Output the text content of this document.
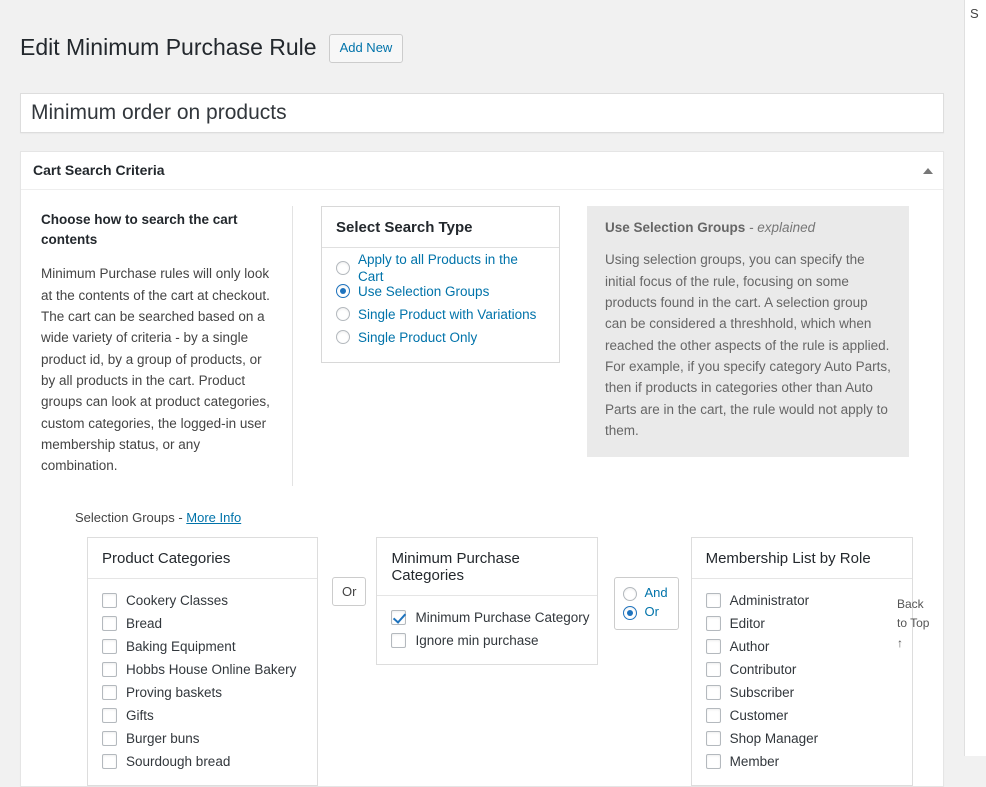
Edit Minimum Purchase Rule	Add New
Minimum order on products
Cart Search Criteria
Choose how to search the cart contents
Minimum Purchase rules will only look at the contents of the cart at checkout. The cart can be searched based on a wide variety of criteria - by a single product id, by a group of products, or by all products in the cart. Product groups can look at product categories, custom categories, the logged-in user membership status, or any combination.
Select Search Type
Apply to all Products in the Cart
Use Selection Groups
Single Product with Variations
Single Product Only
Use Selection Groups - explained
Using selection groups, you can specify the initial focus of the rule, focusing on some products found in the cart. A selection group can be considered a threshhold, which when reached the other aspects of the rule is applied. For example, if you specify category Auto Parts, then if products in categories other than Auto Parts are in the cart, the rule would not apply to them.
Selection Groups - More Info
Product Categories
Cookery Classes
Bread
Baking Equipment
Hobbs House Online Bakery
Proving baskets
Gifts
Burger buns
Sourdough bread
Or
Minimum Purchase Categories
Minimum Purchase Category
Ignore min purchase
And
Or
Membership List by Role
Administrator
Editor
Author
Contributor
Subscriber
Customer
Shop Manager
Member
Back to Top ↑
S
